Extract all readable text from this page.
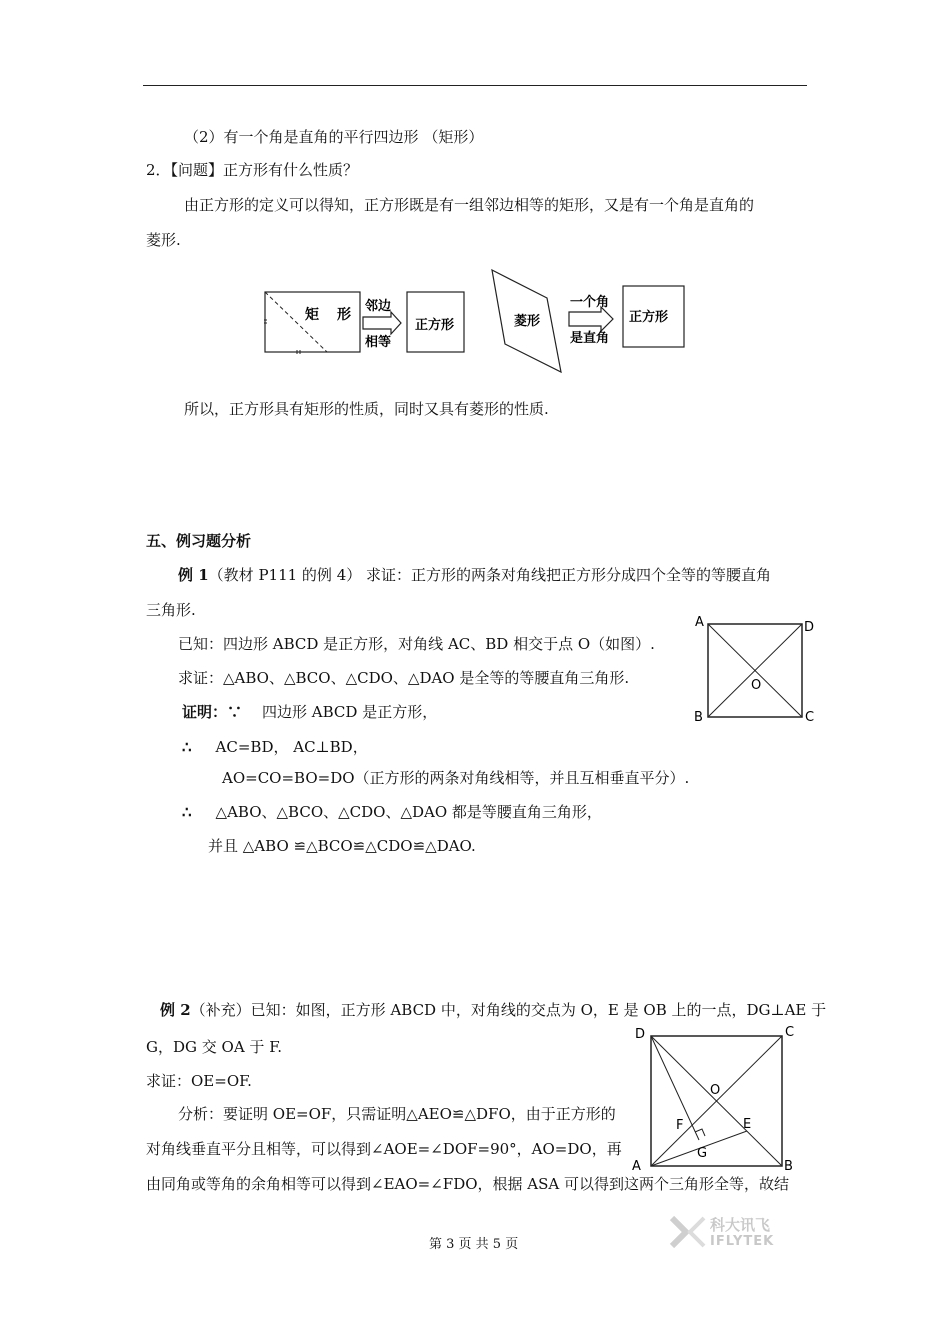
（2）有一个角是直角的平行四边形 （矩形）
2．【问题】正方形有什么性质？
由正方形的定义可以得知，正方形既是有一组邻边相等的矩形，又是有一个角是直角的
菱形.
矩 形
邻边
相等
正方形	菱形
一个角
是直角
正方形
所以，正方形具有矩形的性质，同时又具有菱形的性质.
五、例习题分析
例 1（教材 P111 的例 4） 求证：正方形的两条对角线把正方形分成四个全等的等腰直角
三角形.
已知：四边形 ABCD 是正方形，对角线 AC、BD 相交于点 O（如图）.
求证：△ABO、△BCO、△CDO、△DAO 是全等的等腰直角三角形.
证明：∵ 四边形 ABCD 是正方形，
∴ AC=BD， AC⊥BD，
AO=CO=BO=DO（正方形的两条对角线相等，并且互相垂直平分）.
∴ △ABO、△BCO、△CDO、△DAO 都是等腰直角三角形，
并且 △ABO ≌△BCO≌△CDO≌△DAO.
A	D
B	C
O
例 2（补充）已知：如图，正方形 ABCD 中，对角线的交点为 O，E 是 OB 上的一点，DG⊥AE 于
G，DG 交 OA 于 F.
求证：OE=OF.
分析：要证明 OE=OF，只需证明△AEO≌△DFO，由于正方形的
对角线垂直平分且相等，可以得到∠AOE=∠DOF=90°，AO=DO，再
由同角或等角的余角相等可以得到∠EAO=∠FDO，根据 ASA 可以得到这两个三角形全等，故结
D	C
A	B
O
E
F
G
第 3 页 共 5 页
科大讯飞
IFLYTEK
